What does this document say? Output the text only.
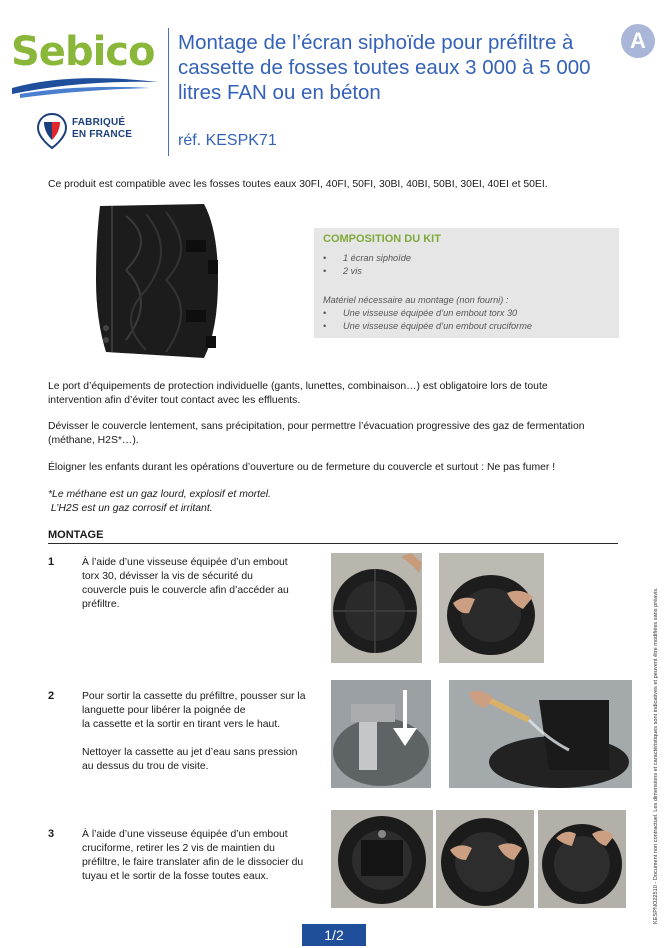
Sebico
FABRIQUÉ
EN FRANCE
Montage de l’écran siphoïde pour préfiltre à
cassette de fosses toutes eaux 3 000 à 5 000
litres FAN ou en béton
réf. KESPK71
A
Ce produit est compatible avec les fosses toutes eaux 30FI, 40FI, 50FI, 30BI, 40BI, 50BI, 30EI, 40EI et 50EI.
COMPOSITION DU KIT
• 1 écran siphoïde
• 2 vis
Matériel nécessaire au montage (non fourni) :
• Une visseuse équipée d’un embout torx 30
• Une visseuse équipée d’un embout cruciforme
Le port d’équipements de protection individuelle (gants, lunettes, combinaison…) est obligatoire lors de toute
intervention afin d’éviter tout contact avec les effluents.
Dévisser le couvercle lentement, sans précipitation, pour permettre l’évacuation progressive des gaz de fermentation
(méthane, H2S*…).
Éloigner les enfants durant les opérations d’ouverture ou de fermeture du couvercle et surtout : Ne pas fumer !
*Le méthane est un gaz lourd, explosif et mortel.
L’H2S est un gaz corrosif et irritant.
MONTAGE
1	À l’aide d’une visseuse équipée d’un embout
torx 30, dévisser la vis de sécurité du
couvercle puis le couvercle afin d’accéder au
préfiltre.
2	Pour sortir la cassette du préfiltre, pousser sur la
languette pour libérer la poignée de
la cassette et la sortir en tirant vers le haut.
Nettoyer la cassette au jet d’eau sans pression
au dessus du trou de visite.
3	À l’aide d’une visseuse équipée d’un embout
cruciforme, retirer les 2 vis de maintien du
préfiltre, le faire translater afin de le dissocier du
tuyau et le sortir de la fosse toutes eaux.	KESPNO22510 - Document non contractuel. Les dimensions et caractéristiques sont indicatives et peuvent être modifiées sans préavis.
1/2
